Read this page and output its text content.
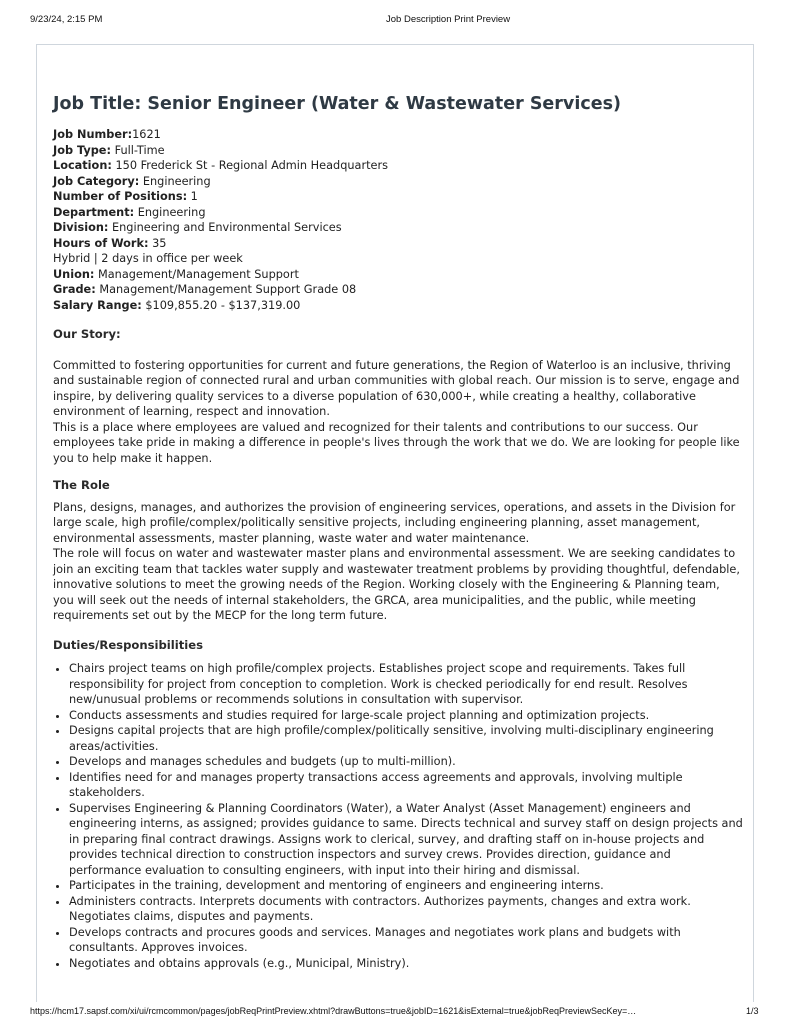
9/23/24, 2:15 PM	Job Description Print Preview
Job Title: Senior Engineer (Water & Wastewater Services)
Job Number:1621
Job Type: Full-Time
Location: 150 Frederick St - Regional Admin Headquarters
Job Category: Engineering
Number of Positions: 1
Department: Engineering
Division: Engineering and Environmental Services
Hours of Work: 35
Hybrid | 2 days in office per week
Union: Management/Management Support
Grade: Management/Management Support Grade 08
Salary Range: $109,855.20 - $137,319.00
Our Story:

Committed to fostering opportunities for current and future generations, the Region of Waterloo is an inclusive, thriving and sustainable region of connected rural and urban communities with global reach. Our mission is to serve, engage and inspire, by delivering quality services to a diverse population of 630,000+, while creating a healthy, collaborative environment of learning, respect and innovation.

This is a place where employees are valued and recognized for their talents and contributions to our success. Our employees take pride in making a difference in people's lives through the work that we do. We are looking for people like you to help make it happen.

The Role

Plans, designs, manages, and authorizes the provision of engineering services, operations, and assets in the Division for large scale, high profile/complex/politically sensitive projects, including engineering planning, asset management, environmental assessments, master planning, waste water and water maintenance.

The role will focus on water and wastewater master plans and environmental assessment. We are seeking candidates to join an exciting team that tackles water supply and wastewater treatment problems by providing thoughtful, defendable, innovative solutions to meet the growing needs of the Region. Working closely with the Engineering & Planning team, you will seek out the needs of internal stakeholders, the GRCA, area municipalities, and the public, while meeting requirements set out by the MECP for the long term future.

Duties/Responsibilities
• Chairs project teams on high profile/complex projects. Establishes project scope and requirements. Takes full responsibility for project from conception to completion. Work is checked periodically for end result. Resolves new/unusual problems or recommends solutions in consultation with supervisor.
• Conducts assessments and studies required for large-scale project planning and optimization projects.
• Designs capital projects that are high profile/complex/politically sensitive, involving multi-disciplinary engineering areas/activities.
• Develops and manages schedules and budgets (up to multi-million).
• Identifies need for and manages property transactions access agreements and approvals, involving multiple stakeholders.
• Supervises Engineering & Planning Coordinators (Water), a Water Analyst (Asset Management) engineers and engineering interns, as assigned; provides guidance to same. Directs technical and survey staff on design projects and in preparing final contract drawings. Assigns work to clerical, survey, and drafting staff on in-house projects and provides technical direction to construction inspectors and survey crews. Provides direction, guidance and performance evaluation to consulting engineers, with input into their hiring and dismissal.
• Participates in the training, development and mentoring of engineers and engineering interns.
• Administers contracts. Interprets documents with contractors. Authorizes payments, changes and extra work. Negotiates claims, disputes and payments.
• Develops contracts and procures goods and services. Manages and negotiates work plans and budgets with consultants. Approves invoices.
• Negotiates and obtains approvals (e.g., Municipal, Ministry).
https://hcm17.sapsf.com/xi/ui/rcmcommon/pages/jobReqPrintPreview.xhtml?drawButtons=true&jobID=1621&isExternal=true&jobReqPreviewSecKey=…	1/3
